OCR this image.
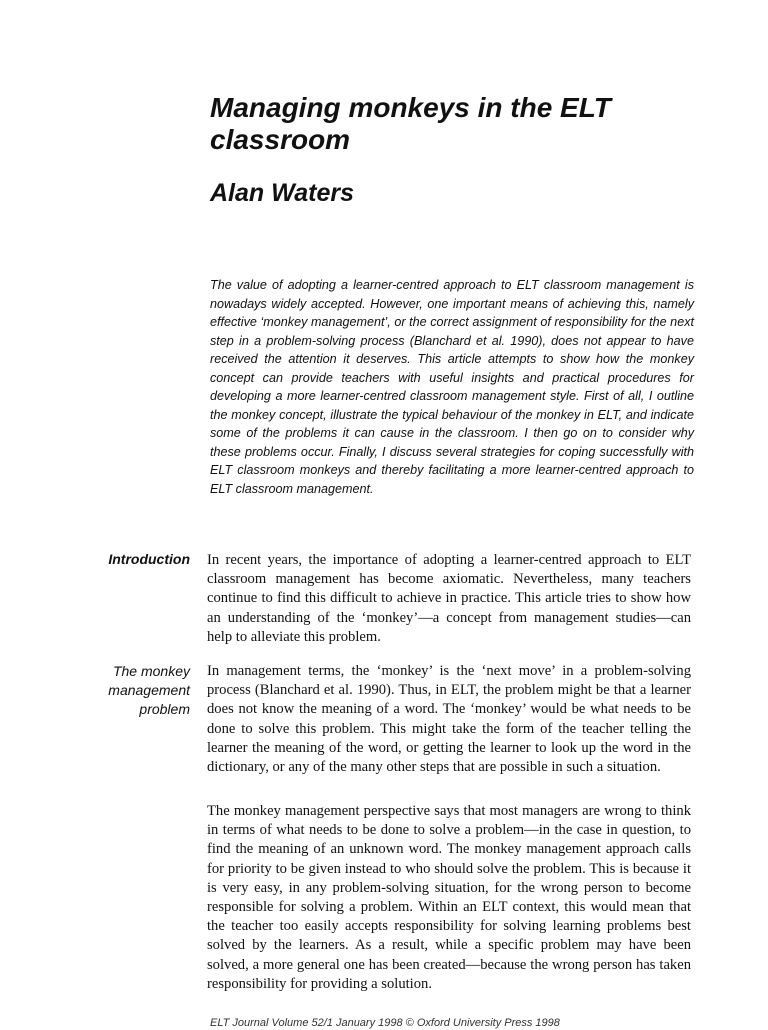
Managing monkeys in the ELT classroom
Alan Waters

The value of adopting a learner-centred approach to ELT classroom management is nowadays widely accepted. However, one important means of achieving this, namely effective ‘monkey management’, or the correct assignment of responsibility for the next step in a problem-solving process (Blanchard et al. 1990), does not appear to have received the attention it deserves. This article attempts to show how the monkey concept can provide teachers with useful insights and practical procedures for developing a more learner-centred classroom management style. First of all, I outline the monkey concept, illustrate the typical behaviour of the monkey in ELT, and indicate some of the problems it can cause in the classroom. I then go on to consider why these problems occur. Finally, I discuss several strategies for coping successfully with ELT classroom monkeys and thereby facilitating a more learner-centred approach to ELT classroom management.

Introduction In recent years, the importance of adopting a learner-centred approach to ELT classroom management has become axiomatic. Nevertheless, many teachers continue to find this difficult to achieve in practice. This article tries to show how an understanding of the ‘monkey’—a concept from management studies—can help to alleviate this problem.

The monkey management problem

In management terms, the ‘monkey’ is the ‘next move’ in a problem-solving process (Blanchard et al. 1990). Thus, in ELT, the problem might be that a learner does not know the meaning of a word. The ‘monkey’ would be what needs to be done to solve this problem. This might take the form of the teacher telling the learner the meaning of the word, or getting the learner to look up the word in the dictionary, or any of the many other steps that are possible in such a situation.

The monkey management perspective says that most managers are wrong to think in terms of what needs to be done to solve a problem—in the case in question, to find the meaning of an unknown word. The monkey management approach calls for priority to be given instead to who should solve the problem. This is because it is very easy, in any problem-solving situation, for the wrong person to become responsible for solving a problem. Within an ELT context, this would mean that the teacher too easily accepts responsibility for solving learning problems best solved by the learners. As a result, while a specific problem may have been solved, a more general one has been created—because the wrong person has taken responsibility for providing a solution.

ELT Journal Volume 52/1 January 1998 © Oxford University Press 1998
